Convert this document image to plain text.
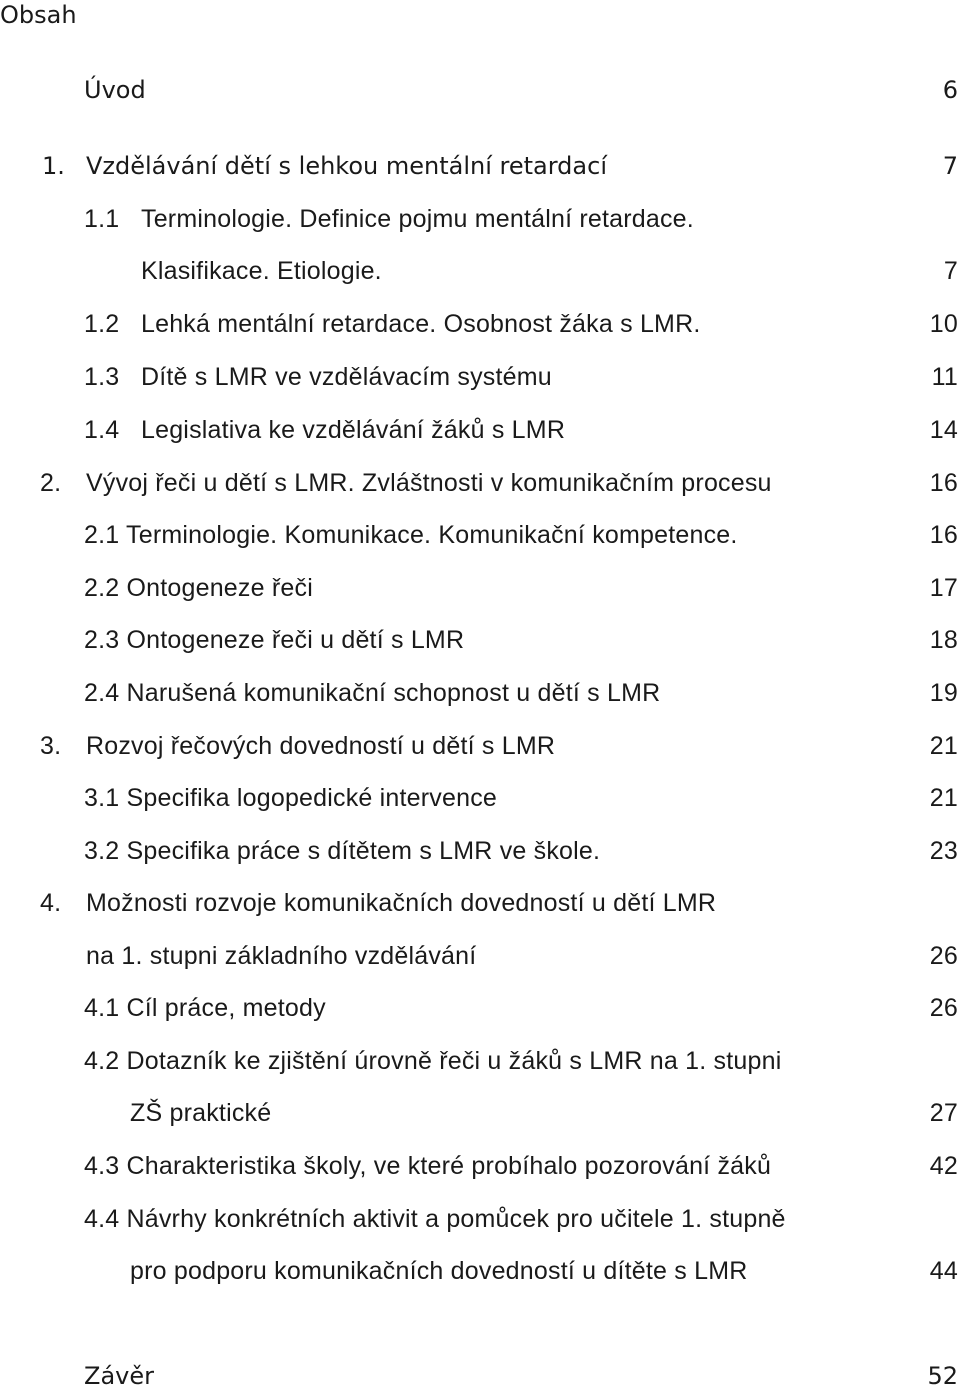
Obsah
Úvod	6
1. Vzdělávání dětí s lehkou mentální retardací	7
1.1 Terminologie. Definice pojmu mentální retardace.
Klasifikace. Etiologie.	7
1.2 Lehká mentální retardace. Osobnost žáka s LMR.	10
1.3 Dítě s LMR ve vzdělávacím systému	11
1.4 Legislativa ke vzdělávání žáků s LMR	14
2. Vývoj řeči u dětí s LMR. Zvláštnosti v komunikačním procesu	16
2.1 Terminologie. Komunikace. Komunikační kompetence.	16
2.2 Ontogeneze řeči	17
2.3 Ontogeneze řeči u dětí s LMR	18
2.4 Narušená komunikační schopnost u dětí s LMR	19
3. Rozvoj řečových dovedností u dětí s LMR	21
3.1 Specifika logopedické intervence	21
3.2 Specifika práce s dítětem s LMR ve škole.	23
4. Možnosti rozvoje komunikačních dovedností u dětí LMR
na 1. stupni základního vzdělávání	26
4.1 Cíl práce, metody	26
4.2 Dotazník ke zjištění úrovně řeči u žáků s LMR na 1. stupni
ZŠ praktické	27
4.3 Charakteristika školy, ve které probíhalo pozorování žáků	42
4.4 Návrhy konkrétních aktivit a pomůcek pro učitele 1. stupně
pro podporu komunikačních dovedností u dítěte s LMR	44
Závěr	52
